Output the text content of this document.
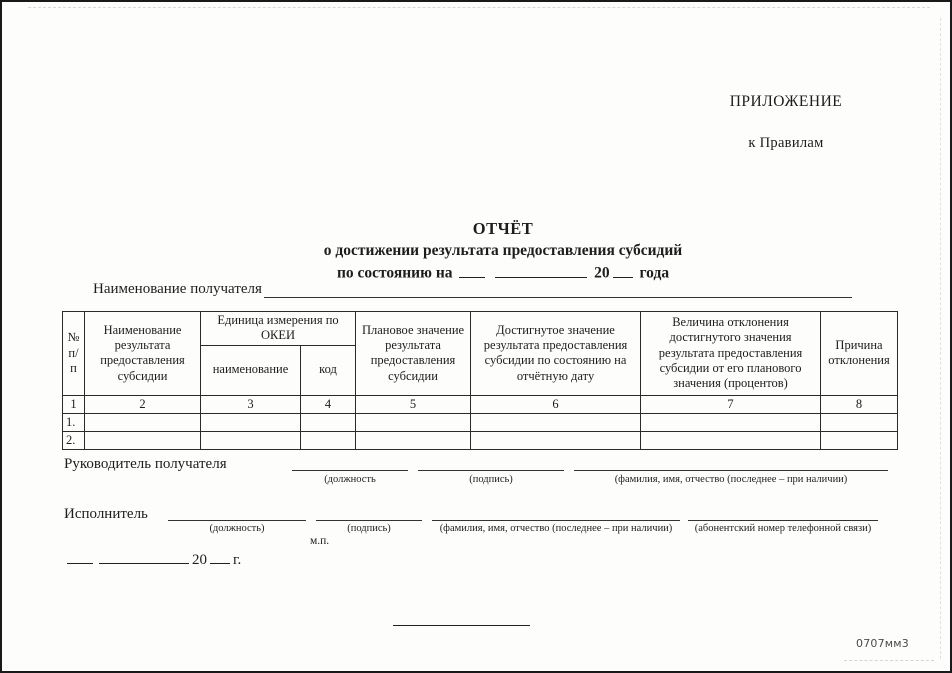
ПРИЛОЖЕНИЕ
к Правилам
ОТЧЁТ
о достижении результата предоставления субсидий
по состоянию на	20 года
Наименование получателя
№ п/п	Наименование результата предоставления субсидии	Единица измерения по ОКЕИ		Плановое значение результата предоставления субсидии	Достигнутое значение результата предоставления субсидии по состоянию на отчётную дату	Величина отклонения достигнутого значения результата предоставления субсидии от его планового значения (процентов)	Причина отклонения
		наименование	код				
1	2	3	4	5	6	7	8
1.							
2.							
Руководитель получателя
(должность	(подпись)	(фамилия, имя, отчество (последнее – при наличии)
Исполнитель
(должность)	(подпись)	(фамилия, имя, отчество (последнее – при наличии)	(абонентский номер телефонной связи)
м.п.
20 г.
0707мм3
